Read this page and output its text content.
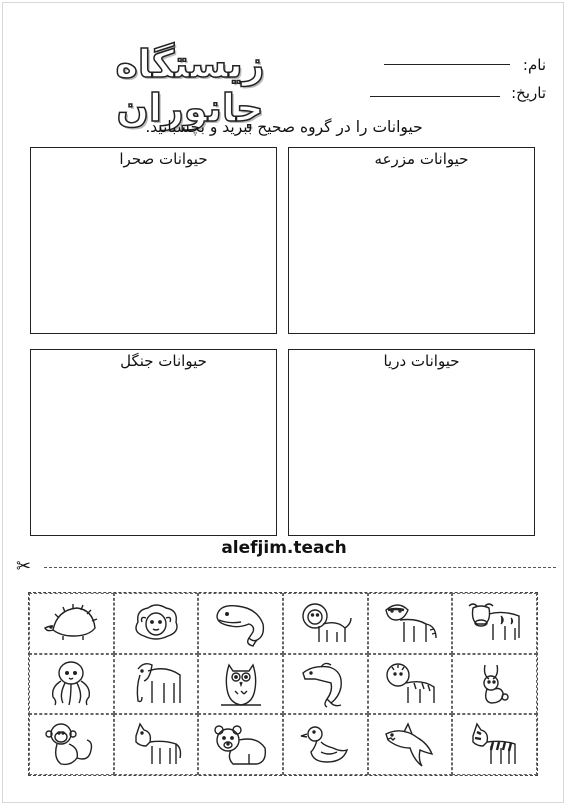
زیستگاه جانوران
نام:
تاریخ:
حیوانات را در گروه صحیح ببرید و بچسبانید.
حیوانات صحرا	حیوانات مزرعه
حیوانات جنگل	حیوانات دریا
alefjim.teach
✂
